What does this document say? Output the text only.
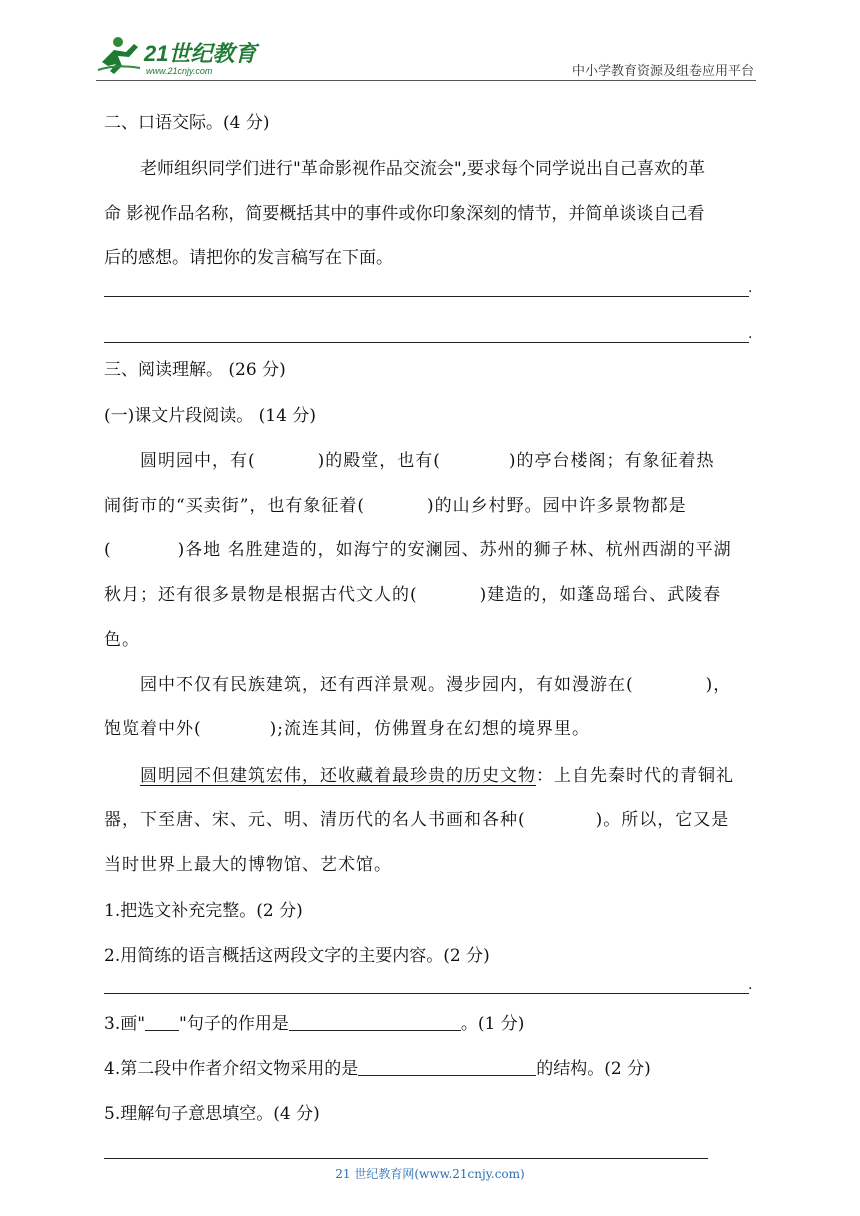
21世纪教育
www.21cnjy.com	中小学教育资源及组卷应用平台
二、口语交际。(4 分)
老师组织同学们进行"革命影视作品交流会",要求每个同学说出自己喜欢的革
命 影视作品名称，简要概括其中的事件或你印象深刻的情节，并简单谈谈自己看
后的感想。请把你的发言稿写在下面。
.
.
三、阅读理解。 (26 分)
(一)课文片段阅读。 (14 分)
圆明园中，有(	)的殿堂，也有(	)的亭台楼阁；有象征着热
闹街市的“买卖街”，也有象征着(	)的山乡村野。园中许多景物都是
(	)各地 名胜建造的，如海宁的安澜园、苏州的狮子林、杭州西湖的平湖
秋月；还有很多景物是根据古代文人的(	)建造的，如蓬岛瑶台、武陵春
色。
园中不仅有民族建筑，还有西洋景观。漫步园内，有如漫游在(	)，
饱览着中外(	);流连其间，仿佛置身在幻想的境界里。
圆明园不但建筑宏伟，还收藏着最珍贵的历史文物：上自先秦时代的青铜礼
器，下至唐、宋、元、明、清历代的名人书画和各种(	)。所以，它又是
当时世界上最大的博物馆、艺术馆。
1.把选文补充完整。(2 分)
2.用简练的语言概括这两段文字的主要内容。(2 分)
.
3.画" "句子的作用是	。(1 分)
4.第二段中作者介绍文物采用的是	的结构。(2 分)
5.理解句子意思填空。(4 分)
21 世纪教育网(www.21cnjy.com)
